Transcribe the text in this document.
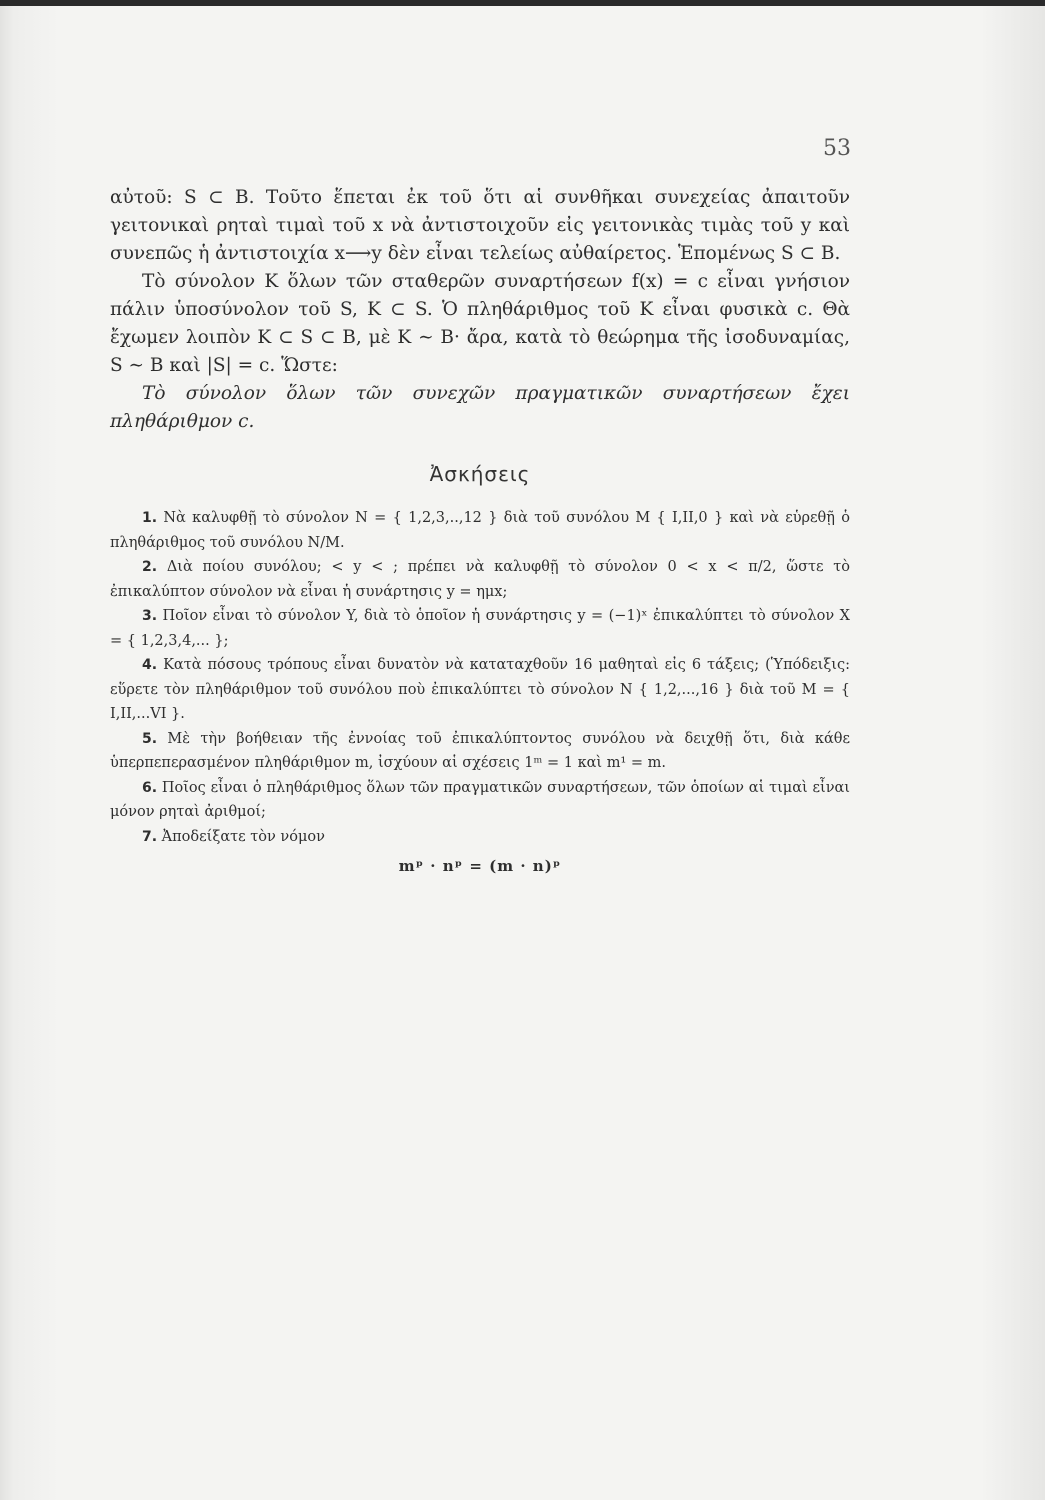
53

αὐτοῦ: S ⊂ B. Τοῦτο ἕπεται ἐκ τοῦ ὅτι αἱ συνθῆκαι συνεχείας ἀπαιτοῦν γειτονικαὶ ρηταὶ τιμαὶ τοῦ x νὰ ἀντιστοιχοῦν εἰς γειτονικὰς τιμὰς τοῦ y καὶ συνεπῶς ἡ ἀντιστοιχία x⟶y δὲν εἶναι τελείως αὐθαίρετος. Ἑπομένως S ⊂ B.

Τὸ σύνολον K ὅλων τῶν σταθερῶν συναρτήσεων f(x) = c εἶναι γνήσιον πάλιν ὑποσύνολον τοῦ S, K ⊂ S. Ὁ πληθάριθμος τοῦ K εἶναι φυσικὰ c. Θὰ ἔχωμεν λοιπὸν K ⊂ S ⊂ B, μὲ K ∼ B· ἄρα, κατὰ τὸ θεώρημα τῆς ἰσοδυναμίας, S ∼ B καὶ |S| = c. Ὥστε:

Τὸ σύνολον ὅλων τῶν συνεχῶν πραγματικῶν συναρτήσεων ἔχει πληθάριθμον c.

Ἀσκήσεις

1. Νὰ καλυφθῇ τὸ σύνολον N = { 1,2,3,..,12 } διὰ τοῦ συνόλου M { I,II,0 } καὶ νὰ εὑρεθῇ ὁ πληθάριθμος τοῦ συνόλου N/M.

2. Διὰ ποίου συνόλου; < y < ; πρέπει νὰ καλυφθῇ τὸ σύνολον 0 < x < π/2, ὥστε τὸ ἐπικαλύπτον σύνολον νὰ εἶναι ἡ συνάρτησις y = ημx;

3. Ποῖον εἶναι τὸ σύνολον Y, διὰ τὸ ὁποῖον ἡ συνάρτησις y = (−1)ˣ ἐπικαλύπτει τὸ σύνολον X = { 1,2,3,4,... };

4. Κατὰ πόσους τρόπους εἶναι δυνατὸν νὰ καταταχθοῦν 16 μαθηταὶ εἰς 6 τάξεις; (Ὑπόδειξις: εὕρετε τὸν πληθάριθμον τοῦ συνόλου ποὺ ἐπικαλύπτει τὸ σύνολον N { 1,2,...,16 } διὰ τοῦ M = { I,II,...VI }.

5. Μὲ τὴν βοήθειαν τῆς ἐννοίας τοῦ ἐπικαλύπτοντος συνόλου νὰ δειχθῇ ὅτι, διὰ κάθε ὑπερπεπερασμένον πληθάριθμον m, ἰσχύουν αἱ σχέσεις 1ᵐ = 1 καὶ m¹ = m.

6. Ποῖος εἶναι ὁ πληθάριθμος ὅλων τῶν πραγματικῶν συναρτήσεων, τῶν ὁποίων αἱ τιμαὶ εἶναι μόνον ρηταὶ ἀριθμοί;

7. Ἀποδείξατε τὸν νόμον

mᵖ · nᵖ = (m · n)ᵖ
